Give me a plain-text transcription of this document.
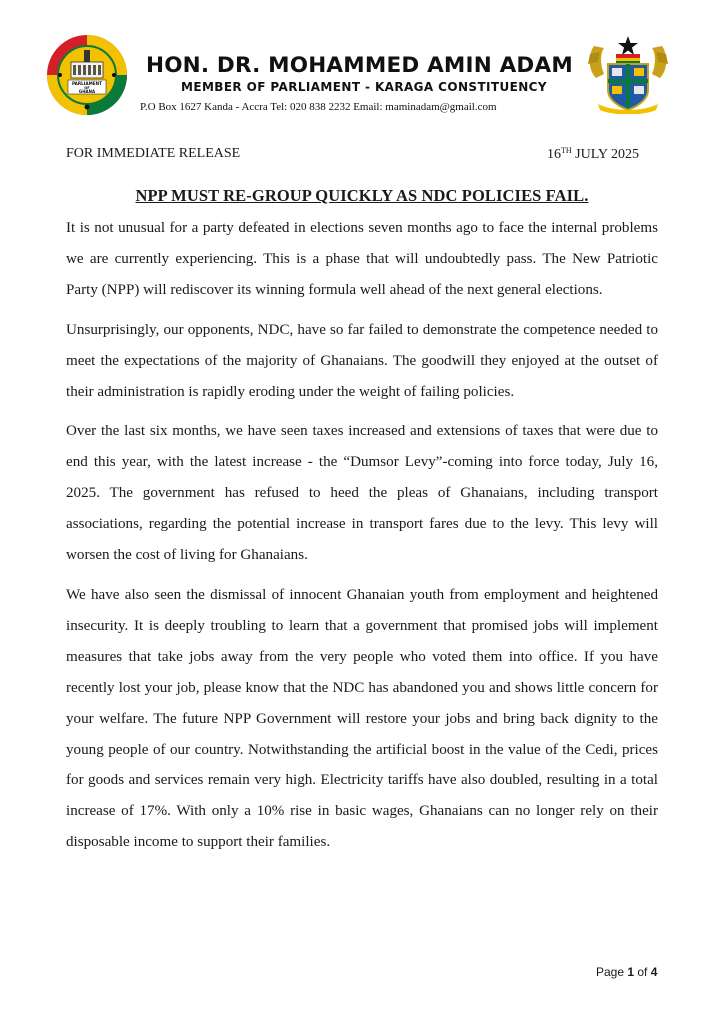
PARLIAMENT
OF
GHANA
HON. DR. MOHAMMED AMIN ADAM
MEMBER OF PARLIAMENT - KARAGA CONSTITUENCY
P.O Box 1627 Kanda - Accra Tel: 020 838 2232 Email: maminadam@gmail.com
FOR IMMEDIATE RELEASE	16TH JULY 2025
NPP MUST RE-GROUP QUICKLY AS NDC POLICIES FAIL.

It is not unusual for a party defeated in elections seven months ago to face the internal problems we are currently experiencing. This is a phase that will undoubtedly pass. The New Patriotic Party (NPP) will rediscover its winning formula well ahead of the next general elections.

Unsurprisingly, our opponents, NDC, have so far failed to demonstrate the competence needed to meet the expectations of the majority of Ghanaians. The goodwill they enjoyed at the outset of their administration is rapidly eroding under the weight of failing policies.

Over the last six months, we have seen taxes increased and extensions of taxes that were due to end this year, with the latest increase - the “Dumsor Levy”-coming into force today, July 16, 2025. The government has refused to heed the pleas of Ghanaians, including transport associations, regarding the potential increase in transport fares due to the levy. This levy will worsen the cost of living for Ghanaians.

We have also seen the dismissal of innocent Ghanaian youth from employment and heightened insecurity. It is deeply troubling to learn that a government that promised jobs will implement measures that take jobs away from the very people who voted them into office. If you have recently lost your job, please know that the NDC has abandoned you and shows little concern for your welfare. The future NPP Government will restore your jobs and bring back dignity to the young people of our country. Notwithstanding the artificial boost in the value of the Cedi, prices for goods and services remain very high. Electricity tariffs have also doubled, resulting in a total increase of 17%. With only a 10% rise in basic wages, Ghanaians can no longer rely on their disposable income to support their families.

Page 1 of 4
